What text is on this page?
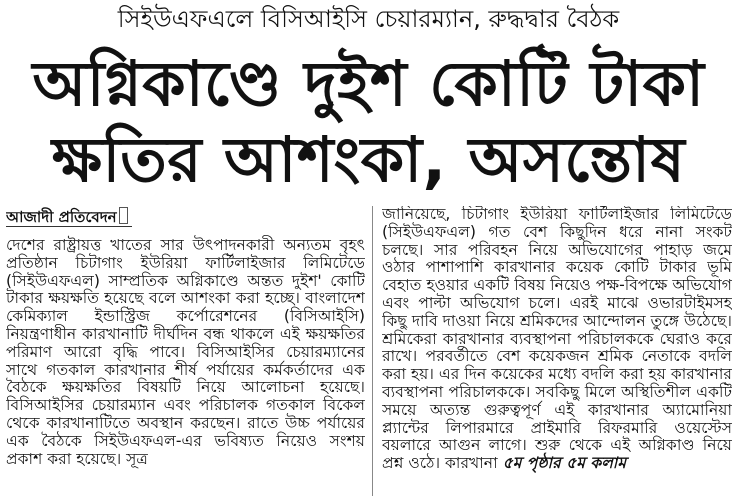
সিইউএফএলে বিসিআইসি চেয়ারম্যান, রুদ্ধদ্বার বৈঠক
অগ্নিকাণ্ডে দুইশ কোটি টাকা
ক্ষতির আশংকা, অসন্তোষ
আজাদী প্রতিবেদন

দেশের রাষ্ট্রায়ত্ত খাতের সার উৎপাদনকারী অন্যতম বৃহৎ প্রতিষ্ঠান চিটাগাং ইউরিয়া ফার্টিলাইজার লিমিটেডে (সিইউএফএল) সাম্প্রতিক অগ্নিকাণ্ডে অন্তত দুইশ' কোটি টাকার ক্ষয়ক্ষতি হয়েছে বলে আশংকা করা হচ্ছে। বাংলাদেশ কেমিক্যাল ইন্ডাস্ট্রিজ কর্পোরেশনের (বিসিআইসি) নিয়ন্ত্রণাধীন কারখানাটি দীর্ঘদিন বন্ধ থাকলে এই ক্ষয়ক্ষতির পরিমাণ আরো বৃদ্ধি পাবে। বিসিআইসির চেয়ারম্যানের সাথে গতকাল কারখানার শীর্ষ পর্যায়ের কর্মকর্তাদের এক বৈঠকে ক্ষয়ক্ষতির বিষয়টি নিয়ে আলোচনা হয়েছে। বিসিআইসির চেয়ারম্যান এবং পরিচালক গতকাল বিকেল থেকে কারখানাটিতে অবস্থান করছেন। রাতে উচ্চ পর্যায়ের এক বৈঠকে সিইউএফএল-এর ভবিষ্যত নিয়েও সংশয় প্রকাশ করা হয়েছে। সূত্র

জানিয়েছে, চিটাগাং ইউরিয়া ফার্টিলাইজার লিমিটেডে (সিইউএফএল) গত বেশ কিছুদিন ধরে নানা সংকট চলছে। সার পরিবহন নিয়ে অভিযোগের পাহাড় জমে ওঠার পাশাপাশি কারখানার কয়েক কোটি টাকার ভূমি বেহাত হওয়ার একটি বিষয় নিয়েও পক্ষ-বিপক্ষে অভিযোগ এবং পাল্টা অভিযোগ চলে। এরই মাঝে ওভারটাইমসহ কিছু দাবি দাওয়া নিয়ে শ্রমিকদের আন্দোলন তুঙ্গে উঠেছে। শ্রমিকেরা কারখানার ব্যবস্থাপনা পরিচালককে ঘেরাও করে রাখে। পরবর্তীতে বেশ কয়েকজন শ্রমিক নেতাকে বদলি করা হয়। এর দিন কয়েকের মধ্যে বদলি করা হয় কারখানার ব্যবস্থাপনা পরিচালককে। সবকিছু মিলে অস্থিতিশীল একটি সময়ে অত্যন্ত গুরুত্বপূর্ণ এই কারখানার অ্যামোনিয়া প্ল্যান্টের লিপারমারে প্রাইমারি রিফরমারি ওয়েস্টেস বয়লারে আগুন লাগে। শুরু থেকে এই অগ্নিকাণ্ড নিয়ে প্রশ্ন ওঠে। কারখানা ৫ম পৃষ্ঠার ৫ম কলাম
